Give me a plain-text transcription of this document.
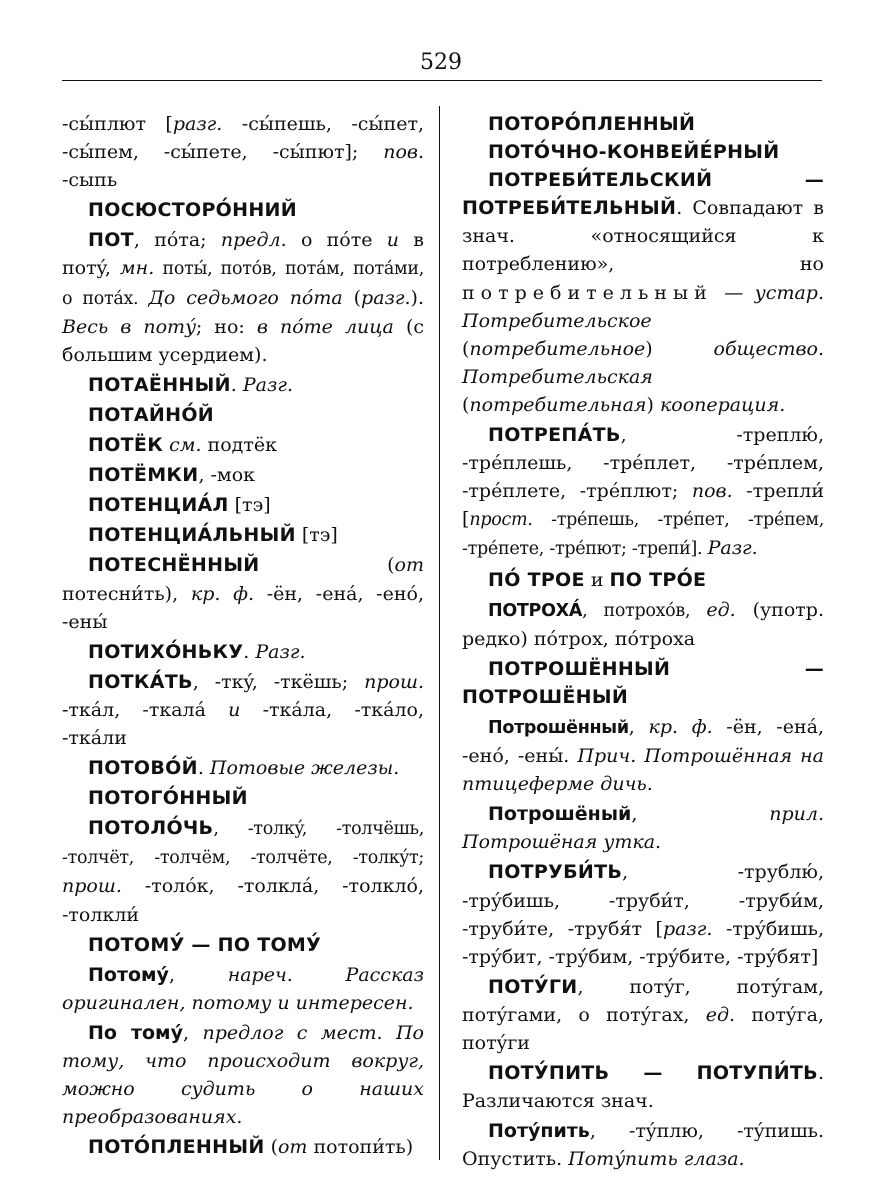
529
-сы́плют [разг. -сы́пешь, -сы́пет, -сы́пем, -сы́пете, -сы́пют]; пов. -сыпь
ПОСЮСТОРО́ННИЙ
ПОТ, по́та; предл. о по́те и в потý, мн. поты́, потóв, потáм, потáми, о потáх. До седьмого по́та (разг.). Весь в потý; но: в по́те лица (с большим усердием).
ПОТАЁННЫЙ. Разг.
ПОТАЙНО́Й
ПОТЁК см. подтёк
ПОТЁМКИ, -мок
ПОТЕНЦИА́Л [тэ]
ПОТЕНЦИА́ЛЬНЫЙ [тэ]
ПОТЕСНЁННЫЙ (от потесни́ть), кр. ф. -ён, -енá, -енó, -ены́
ПОТИХО́НЬКУ. Разг.
ПОТКА́ТЬ, -ткý, -ткёшь; прош. -ткáл, -ткалá и -ткáла, -ткáло, -ткáли
ПОТОВО́Й. Потовые железы.
ПОТОГО́ННЫЙ
ПОТОЛО́ЧЬ, -толкý, -толчёшь, -толчёт, -толчём, -толчёте, -толкýт; прош. -толóк, -толклá, -толклó, -толкли́
ПОТОМУ́ — ПО ТОМУ́
Потомý, нареч. Рассказ оригинален, потому и интересен.
По томý, предлог с мест. По тому, что происходит вокруг, можно судить о наших преобразованиях.
ПОТО́ПЛЕННЫЙ (от потопи́ть)
ПОТОРО́ПЛЕННЫЙ
ПОТО́ЧНО-КОНВЕЙЕ́РНЫЙ
ПОТРЕБИ́ТЕЛЬСКИЙ — ПОТРЕБИ́ТЕЛЬНЫЙ. Совпадают в знач. «относящийся к потреблению», но потребительный — устар. Потребительское (потребительное) общество. Потребительская (потребительная) кооперация.
ПОТРЕПА́ТЬ, -треплю́, -тре́плешь, -тре́плет, -тре́плем, -тре́плете, -тре́плют; пов. -трепли́ [прост. -тре́пешь, -тре́пет, -тре́пем, -тре́пете, -тре́пют; -трепи́]. Разг.
ПО́ ТРОЕ и ПО ТРО́Е
ПОТРОХА́, потрохóв, ед. (употр. редко) пóтрох, пóтроха
ПОТРОШЁННЫЙ — ПОТРОШЁНЫЙ
Потрошённый, кр. ф. -ён, -енá, -енó, -ены́. Прич. Потрошённая на птицеферме дичь.
Потрошёный, прил. Потрошёная утка.
ПОТРУБИ́ТЬ, -трублю́, -трýбишь, -труби́т, -труби́м, -труби́те, -трубя́т [разг. -трýбишь, -трýбит, -трýбим, -трýбите, -трýбят]
ПОТУ́ГИ, потýг, потýгам, потýгами, о потýгах, ед. потýга, потýги
ПОТУ́ПИТЬ — ПОТУПИ́ТЬ. Различаются знач.
Потýпить, -тýплю, -тýпишь. Опустить. Потýпить глаза.
